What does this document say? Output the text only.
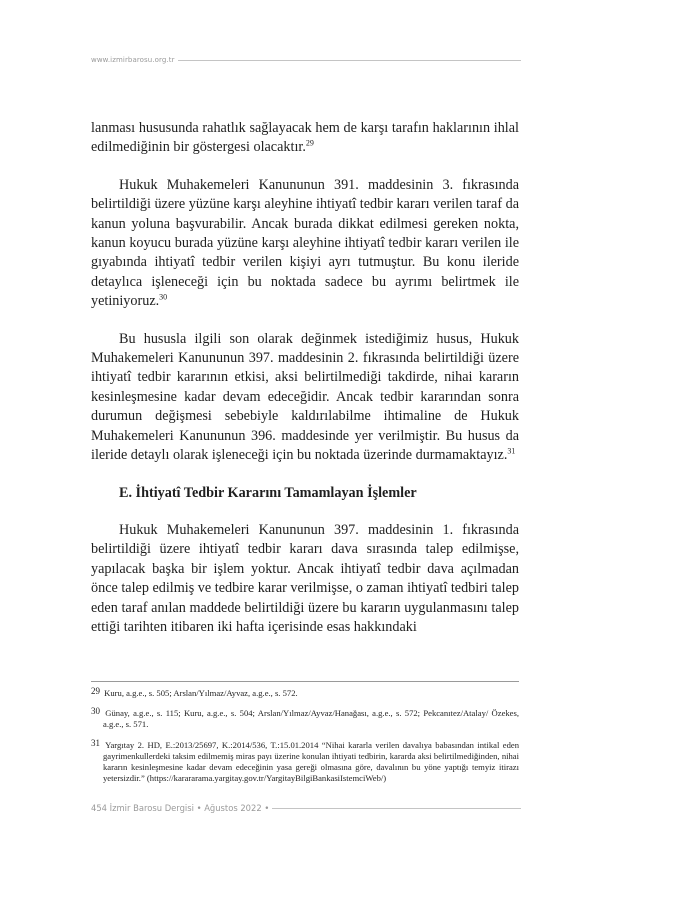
www.izmirbarosu.org.tr

lanması hususunda rahatlık sağlayacak hem de karşı tarafın haklarının ihlal edilmediğinin bir göstergesi olacaktır.$^{29}$

Hukuk Muhakemeleri Kanununun 391. maddesinin 3. fıkrasında belirtildiği üzere yüzüne karşı aleyhine ihtiyatî tedbir kararı verilen taraf da kanun yoluna başvurabilir. Ancak burada dikkat edilmesi gereken nokta, kanun koyucu burada yüzüne karşı aleyhine ihtiyatî tedbir kararı verilen ile gıyabında ihtiyatî tedbir verilen kişiyi ayrı tutmuştur. Bu konu ileride detaylıca işleneceği için bu noktada sadece bu ayrımı belirtmek ile yetiniyoruz.$^{30}$

Bu hususla ilgili son olarak değinmek istediğimiz husus, Hukuk Muhakemeleri Kanununun 397. maddesinin 2. fıkrasında belirtildiği üzere ihtiyatî tedbir kararının etkisi, aksi belirtilmediği takdirde, nihai kararın kesinleşmesine kadar devam edeceğidir. Ancak tedbir kararından sonra durumun değişmesi sebebiyle kaldırılabilme ihtimaline de Hukuk Muhakemeleri Kanununun 396. maddesinde yer verilmiştir. Bu husus da ileride detaylı olarak işleneceği için bu noktada üzerinde durmamaktayız.$^{31}$

E. İhtiyatî Tedbir Kararını Tamamlayan İşlemler

Hukuk Muhakemeleri Kanununun 397. maddesinin 1. fıkrasında belirtildiği üzere ihtiyatî tedbir kararı dava sırasında talep edilmişse, yapılacak başka bir işlem yoktur. Ancak ihtiyatî tedbir dava açılmadan önce talep edilmiş ve tedbire karar verilmişse, o zaman ihtiyatî tedbiri talep eden taraf anılan maddede belirtildiği üzere bu kararın uygulanmasını talep ettiği tarihten itibaren iki hafta içerisinde esas hakkındaki

29 Kuru, a.g.e., s. 505; Arslan/Yılmaz/Ayvaz, a.g.e., s. 572.

30 Günay, a.g.e., s. 115; Kuru, a.g.e., s. 504; Arslan/Yılmaz/Ayvaz/Hanağası, a.g.e., s. 572; Pekcanıtez/Atalay/ Özekes, a.g.e., s. 571.

31 Yargıtay 2. HD, E.:2013/25697, K.:2014/536, T.:15.01.2014 “Nihai kararla verilen davalıya babasından intikal eden gayrimenkullerdeki taksim edilmemiş miras payı üzerine konulan ihtiyati tedbirin, kararda aksi belirtilmediğinden, nihai kararın kesinleşmesine kadar devam edeceğinin yasa gereği olmasına göre, davalının bu yöne yaptığı temyiz itirazı yetersizdir.” (https://karararama.yargitay.gov.tr/YargitayBilgiBankasiIstemciWeb/)

454 İzmir Barosu Dergisi • Ağustos 2022 •
